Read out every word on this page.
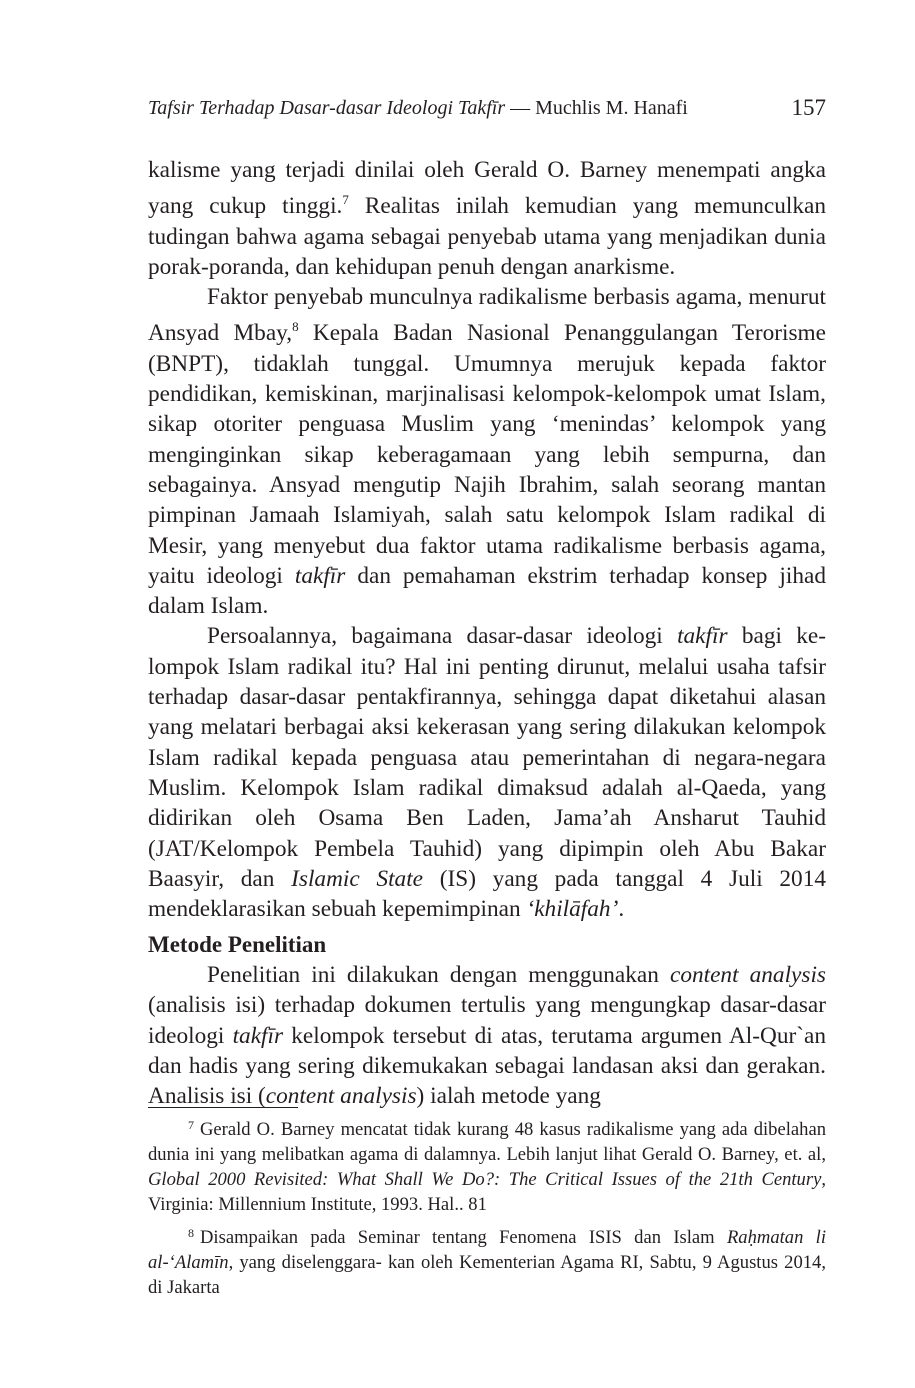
Tafsir Terhadap Dasar-dasar Ideologi Takfīr — Muchlis M. Hanafi	157

kalisme yang terjadi dinilai oleh Gerald O. Barney menempati angka yang cukup tinggi.$^7$ Realitas inilah kemudian yang memunculkan tudingan bahwa agama sebagai penyebab utama yang menjadikan dunia porak-poranda, dan kehidupan penuh dengan anarkisme.

Faktor penyebab munculnya radikalisme berbasis agama, menurut Ansyad Mbay,$^8$ Kepala Badan Nasional Penanggulangan Terorisme (BNPT), tidaklah tunggal. Umumnya merujuk kepada faktor pendidikan, kemiskinan, marjinalisasi kelompok-kelompok umat Islam, sikap otoriter penguasa Muslim yang ‘menindas’ kelompok yang menginginkan sikap keberagamaan yang lebih sempurna, dan sebagainya. Ansyad mengutip Najih Ibrahim, salah seorang mantan pimpinan Jamaah Islamiyah, salah satu kelompok Islam radikal di Mesir, yang menyebut dua faktor utama radikalisme berbasis agama, yaitu ideologi takfīr dan pemahaman ekstrim terhadap konsep jihad dalam Islam.

Persoalannya, bagaimana dasar-dasar ideologi takfīr bagi kelompok Islam radikal itu? Hal ini penting dirunut, melalui usaha tafsir terhadap dasar-dasar pentakfirannya, sehingga dapat diketahui alasan yang melatari berbagai aksi kekerasan yang sering dilakukan kelompok Islam radikal kepada penguasa atau pemerintahan di negara-negara Muslim. Kelompok Islam radikal dimaksud adalah al-Qaeda, yang didirikan oleh Osama Ben Laden, Jama’ah Ansharut Tauhid (JAT/Kelompok Pembela Tauhid) yang dipimpin oleh Abu Bakar Baasyir, dan Islamic State (IS) yang pada tanggal 4 Juli 2014 mendeklarasikan sebuah kepemimpinan ‘khilāfah’.

Metode Penelitian

Penelitian ini dilakukan dengan menggunakan content analysis (analisis isi) terhadap dokumen tertulis yang mengungkap dasar-dasar ideologi takfīr kelompok tersebut di atas, terutama argumen Al-Qur`an dan hadis yang sering dikemukakan sebagai landasan aksi dan gerakan. Analisis isi (content analysis) ialah metode yang

$^7$ Gerald O. Barney mencatat tidak kurang 48 kasus radikalisme yang ada dibelahan dunia ini yang melibatkan agama di dalamnya. Lebih lanjut lihat Gerald O. Barney, et. al, Global 2000 Revisited: What Shall We Do?: The Critical Issues of the 21th Century, Virginia: Millennium Institute, 1993. Hal.. 81

$^8$ Disampaikan pada Seminar tentang Fenomena ISIS dan Islam Raḥmatan li al-‘Alamīn, yang diselenggara- kan oleh Kementerian Agama RI, Sabtu, 9 Agustus 2014, di Jakarta
